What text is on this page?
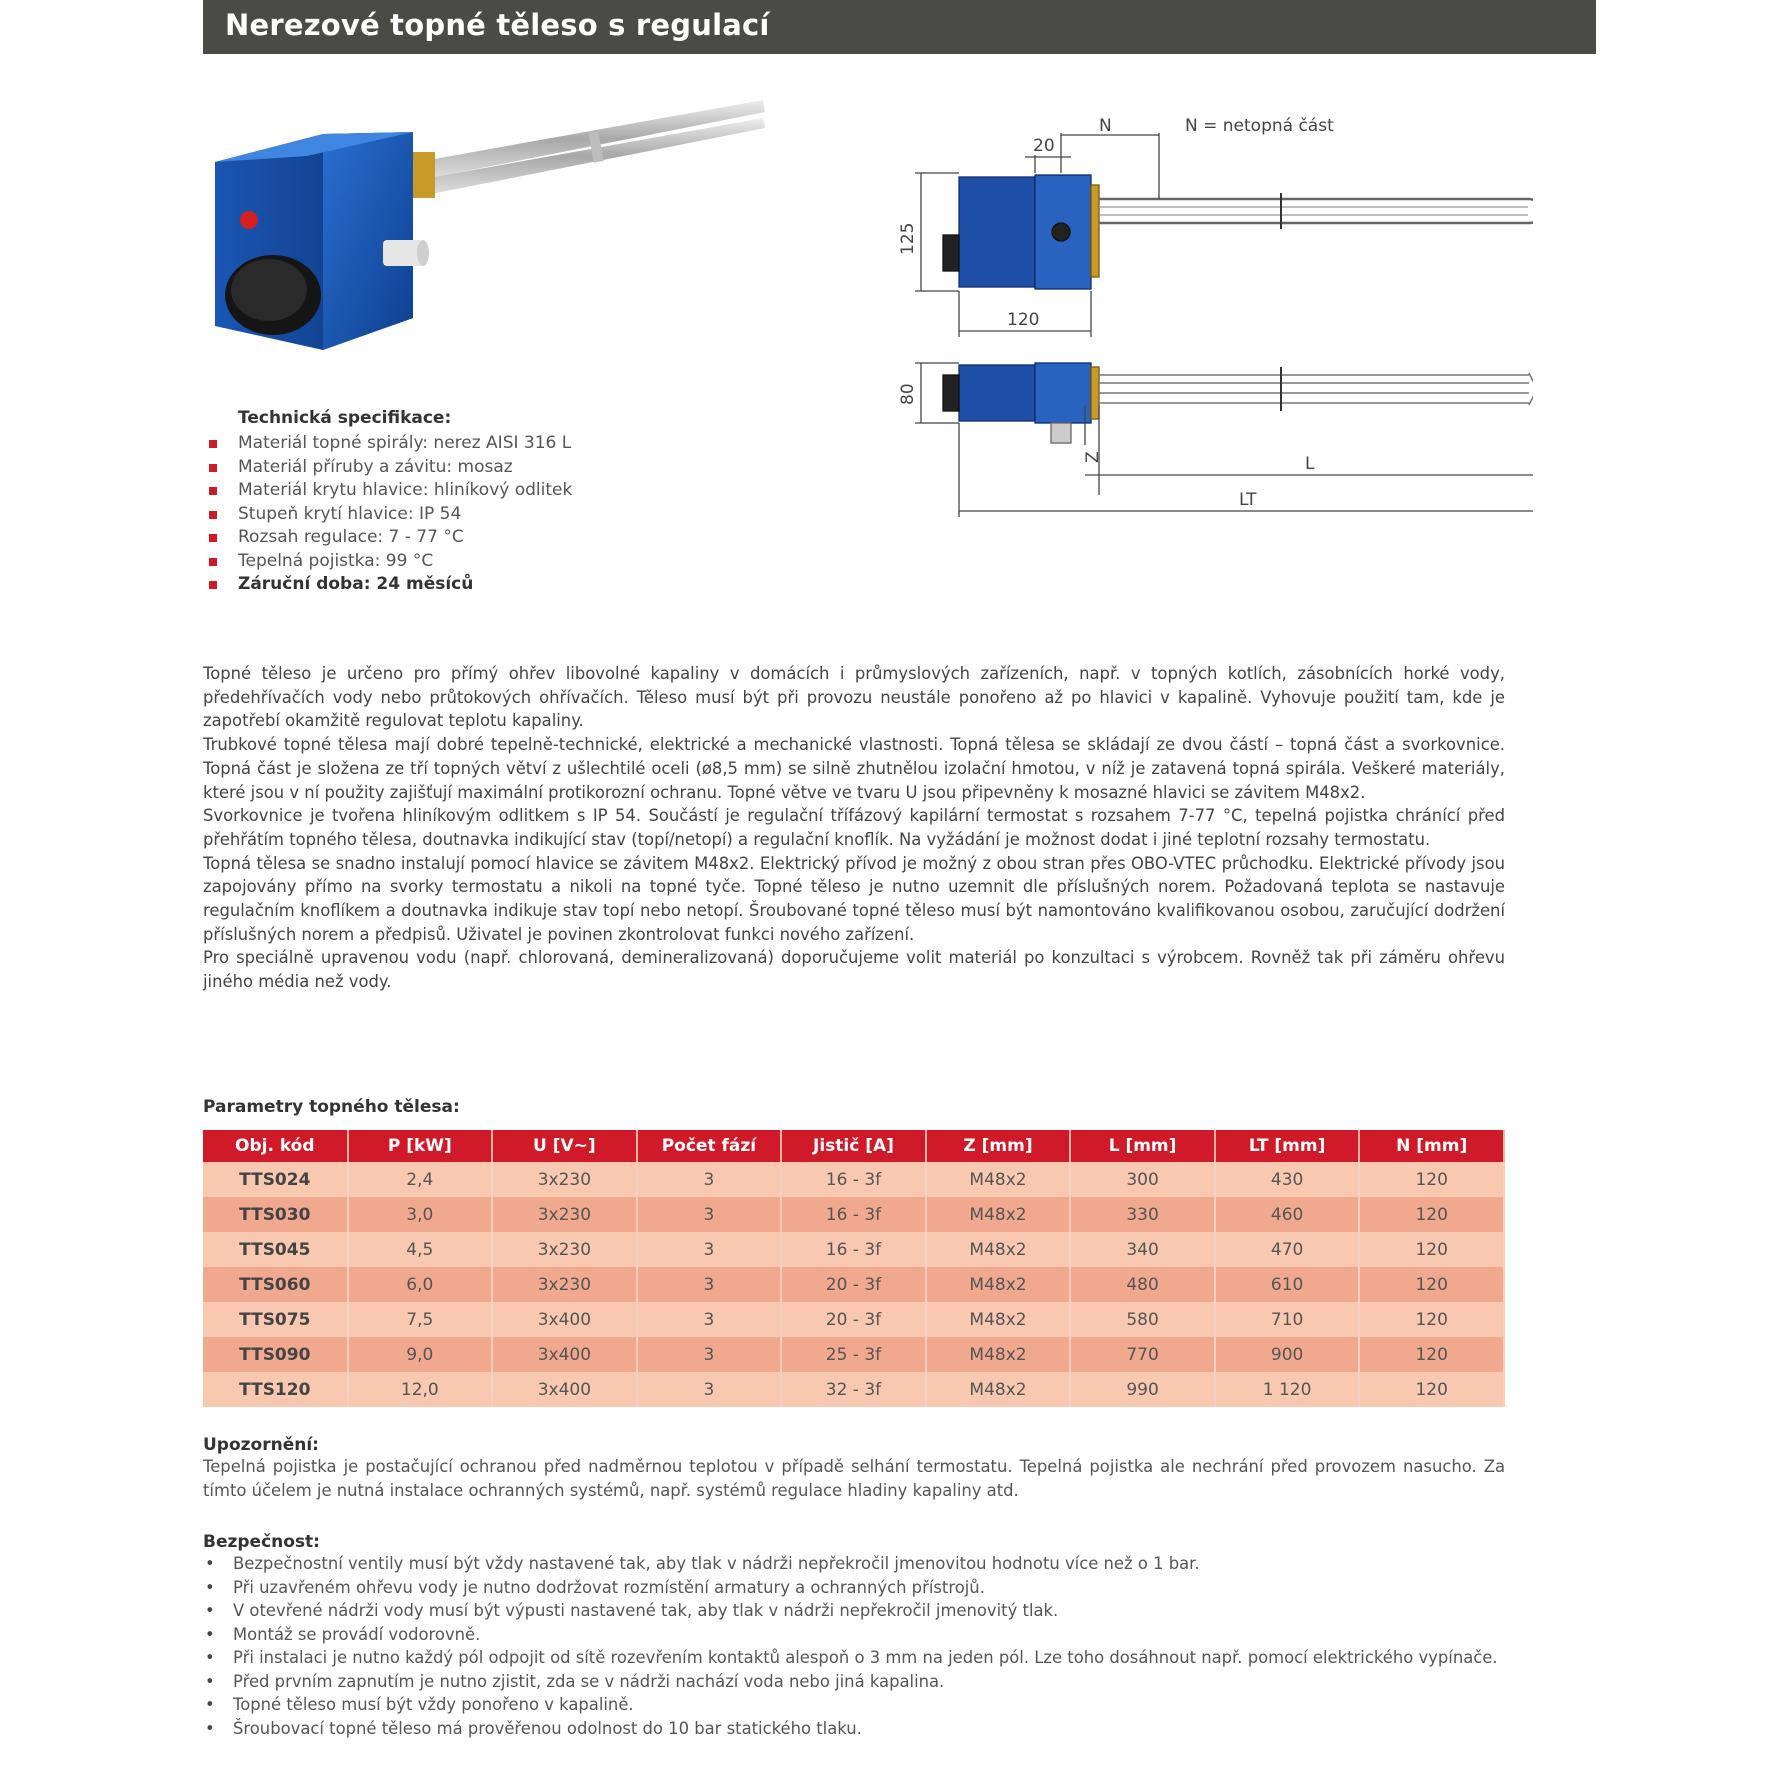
Nerezové topné těleso s regulací
Technická specifikace:
Materiál topné spirály: nerez AISI 316 L
Materiál příruby a závitu: mosaz
Materiál krytu hlavice: hliníkový odlitek
Stupeň krytí hlavice: IP 54
Rozsah regulace: 7 - 77 °C
Tepelná pojistka: 99 °C
Záruční doba: 24 měsíců
N	N = netopná část
20
125
120
80
Z	L
LT

Topné těleso je určeno pro přímý ohřev libovolné kapaliny v domácích i průmyslových zařízeních, např. v topných kotlích, zásobnících horké vody, předehřívačích vody nebo průtokových ohřívačích. Těleso musí být při provozu neustále ponořeno až po hlavici v kapalině. Vyhovuje použití tam, kde je zapotřebí okamžitě regulovat teplotu kapaliny.

Trubkové topné tělesa mají dobré tepelně-technické, elektrické a mechanické vlastnosti. Topná tělesa se skládají ze dvou částí – topná část a svorkovnice. Topná část je složena ze tří topných větví z ušlechtilé oceli (ø8,5 mm) se silně zhutnělou izolační hmotou, v níž je zatavená topná spirála. Veškeré materiály, které jsou v ní použity zajišťují maximální protikorozní ochranu. Topné větve ve tvaru U jsou připevněny k mosazné hlavici se závitem M48x2.

Svorkovnice je tvořena hliníkovým odlitkem s IP 54. Součástí je regulační třífázový kapilární termostat s rozsahem 7-77 °C, tepelná pojistka chránící před přehřátím topného tělesa, doutnavka indikující stav (topí/netopí) a regulační knoflík. Na vyžádání je možnost dodat i jiné teplotní rozsahy termostatu.

Topná tělesa se snadno instalují pomocí hlavice se závitem M48x2. Elektrický přívod je možný z obou stran přes OBO-VTEC průchodku. Elektrické přívody jsou zapojovány přímo na svorky termostatu a nikoli na topné tyče. Topné těleso je nutno uzemnit dle příslušných norem. Požadovaná teplota se nastavuje regulačním knoflíkem a doutnavka indikuje stav topí nebo netopí. Šroubované topné těleso musí být namontováno kvalifikovanou osobou, zaručující dodržení příslušných norem a předpisů. Uživatel je povinen zkontrolovat funkci nového zařízení.

Pro speciálně upravenou vodu (např. chlorovaná, demineralizovaná) doporučujeme volit materiál po konzultaci s výrobcem. Rovněž tak při záměru ohřevu jiného média než vody.

Parametry topného tělesa:
Obj. kód	P [kW]	U [V~]	Počet fází	Jistič [A]	Z [mm]	L [mm]	LT [mm]	N [mm]
TTS024	2,4	3x230	3	16 - 3f	M48x2	300	430	120
TTS030	3,0	3x230	3	16 - 3f	M48x2	330	460	120
TTS045	4,5	3x230	3	16 - 3f	M48x2	340	470	120
TTS060	6,0	3x230	3	20 - 3f	M48x2	480	610	120
TTS075	7,5	3x400	3	20 - 3f	M48x2	580	710	120
TTS090	9,0	3x400	3	25 - 3f	M48x2	770	900	120
TTS120	12,0	3x400	3	32 - 3f	M48x2	990	1 120	120
Upozornění:

Tepelná pojistka je postačující ochranou před nadměrnou teplotou v případě selhání termostatu. Tepelná pojistka ale nechrání před provozem nasucho. Za tímto účelem je nutná instalace ochranných systémů, např. systémů regulace hladiny kapaliny atd.

Bezpečnost:
• Bezpečnostní ventily musí být vždy nastavené tak, aby tlak v nádrži nepřekročil jmenovitou hodnotu více než o 1 bar.
• Při uzavřeném ohřevu vody je nutno dodržovat rozmístění armatury a ochranných přístrojů.
• V otevřené nádrži vody musí být výpusti nastavené tak, aby tlak v nádrži nepřekročil jmenovitý tlak.
• Montáž se provádí vodorovně.
• Při instalaci je nutno každý pól odpojit od sítě rozevřením kontaktů alespoň o 3 mm na jeden pól. Lze toho dosáhnout např. pomocí elektrického vypínače.
• Před prvním zapnutím je nutno zjistit, zda se v nádrži nachází voda nebo jiná kapalina.
• Topné těleso musí být vždy ponořeno v kapalině.
• Šroubovací topné těleso má prověřenou odolnost do 10 bar statického tlaku.
